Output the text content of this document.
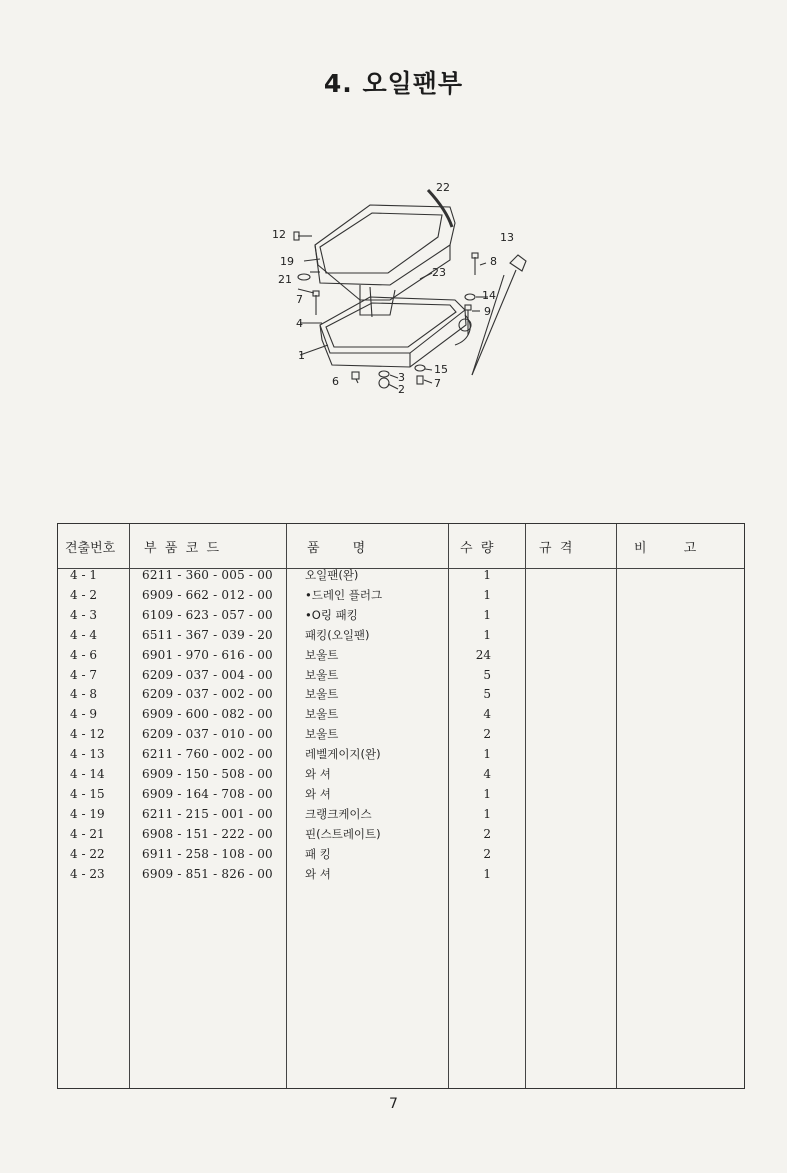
4. 오일팬부
22
13
12
19
21
8
23
14
7
9
4
1
15
6	3	7
2
견출번호 부  품  코  드	품        명	수  량	규  격	비         고
4 - 1	6211 - 360 - 005 - 00	오일팬(완)	1
4 - 2	6909 - 662 - 012 - 00	•드레인 플러그	1
4 - 3	6109 - 623 - 057 - 00	•O링 패킹	1
4 - 4	6511 - 367 - 039 - 20	패킹(오일팬)	1
4 - 6	6901 - 970 - 616 - 00	보울트	24
4 - 7	6209 - 037 - 004 - 00	보울트	5
4 - 8	6209 - 037 - 002 - 00	보울트	5
4 - 9	6909 - 600 - 082 - 00	보울트	4
4 - 12	6209 - 037 - 010 - 00	보울트	2
4 - 13	6211 - 760 - 002 - 00	레벨게이지(완)	1
4 - 14	6909 - 150 - 508 - 00	와 셔	4
4 - 15	6909 - 164 - 708 - 00	와 셔	1
4 - 19	6211 - 215 - 001 - 00	크랭크케이스	1
4 - 21	6908 - 151 - 222 - 00	핀(스트레이트)	2
4 - 22	6911 - 258 - 108 - 00	패 킹	2
4 - 23	6909 - 851 - 826 - 00	와 셔	1
7
